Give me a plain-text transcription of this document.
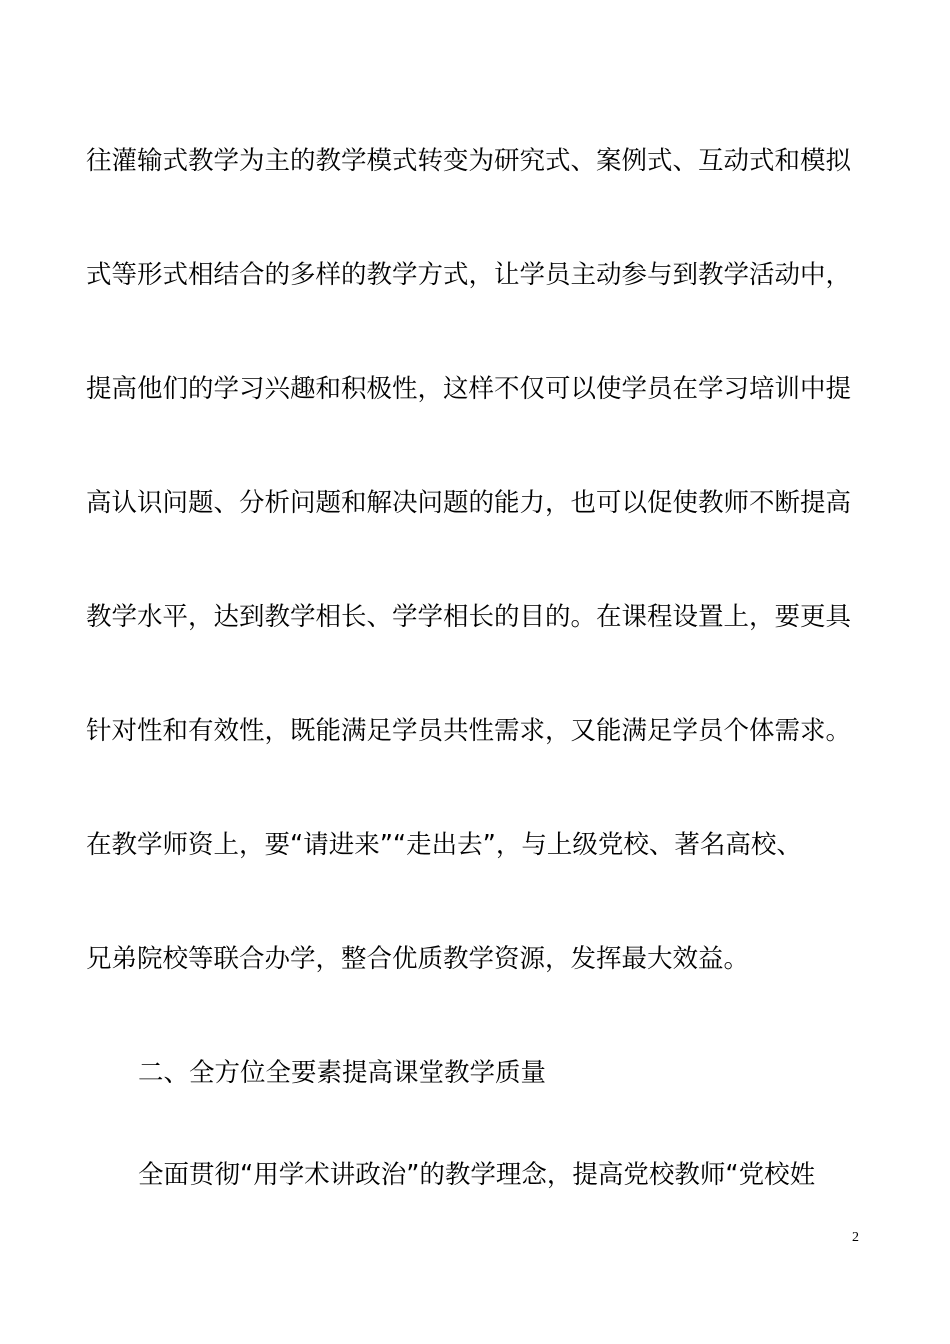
往灌输式教学为主的教学模式转变为研究式、案例式、互动式和模拟
式等形式相结合的多样的教学方式，让学员主动参与到教学活动中，
提高他们的学习兴趣和积极性，这样不仅可以使学员在学习培训中提
高认识问题、分析问题和解决问题的能力，也可以促使教师不断提高
教学水平，达到教学相长、学学相长的目的。在课程设置上，要更具
针对性和有效性，既能满足学员共性需求，又能满足学员个体需求。
在教学师资上，要“请进来”“走出去”，与上级党校、著名高校、
兄弟院校等联合办学，整合优质教学资源，发挥最大效益。
二、全方位全要素提高课堂教学质量
全面贯彻“用学术讲政治”的教学理念，提高党校教师“党校姓
2
